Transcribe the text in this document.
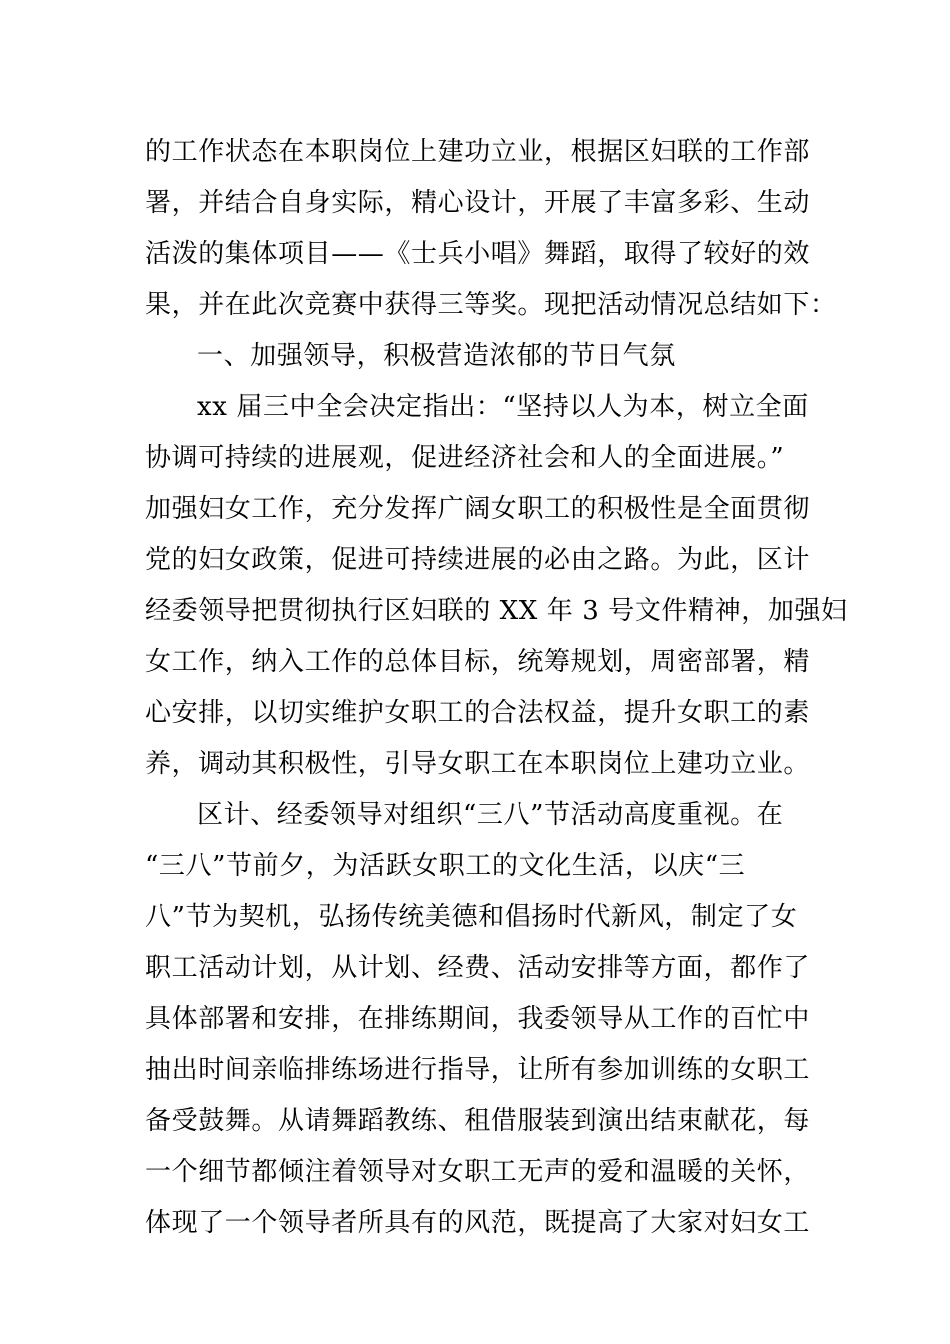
的工作状态在本职岗位上建功立业，根据区妇联的工作部
署，并结合自身实际，精心设计，开展了丰富多彩、生动
活泼的集体项目——《士兵小唱》舞蹈，取得了较好的效
果，并在此次竞赛中获得三等奖。现把活动情况总结如下：
一、加强领导，积极营造浓郁的节日气氛
xx 届三中全会决定指出：“坚持以人为本，树立全面
协调可持续的进展观，促进经济社会和人的全面进展。”
加强妇女工作，充分发挥广阔女职工的积极性是全面贯彻
党的妇女政策，促进可持续进展的必由之路。为此，区计
经委领导把贯彻执行区妇联的 XX 年 3 号文件精神，加强妇
女工作，纳入工作的总体目标，统筹规划，周密部署，精
心安排，以切实维护女职工的合法权益，提升女职工的素
养，调动其积极性，引导女职工在本职岗位上建功立业。
区计、经委领导对组织“三八”节活动高度重视。在
“三八”节前夕，为活跃女职工的文化生活，以庆“三
八”节为契机，弘扬传统美德和倡扬时代新风，制定了女
职工活动计划，从计划、经费、活动安排等方面，都作了
具体部署和安排，在排练期间，我委领导从工作的百忙中
抽出时间亲临排练场进行指导，让所有参加训练的女职工
备受鼓舞。从请舞蹈教练、租借服装到演出结束献花，每
一个细节都倾注着领导对女职工无声的爱和温暖的关怀，
体现了一个领导者所具有的风范，既提高了大家对妇女工
